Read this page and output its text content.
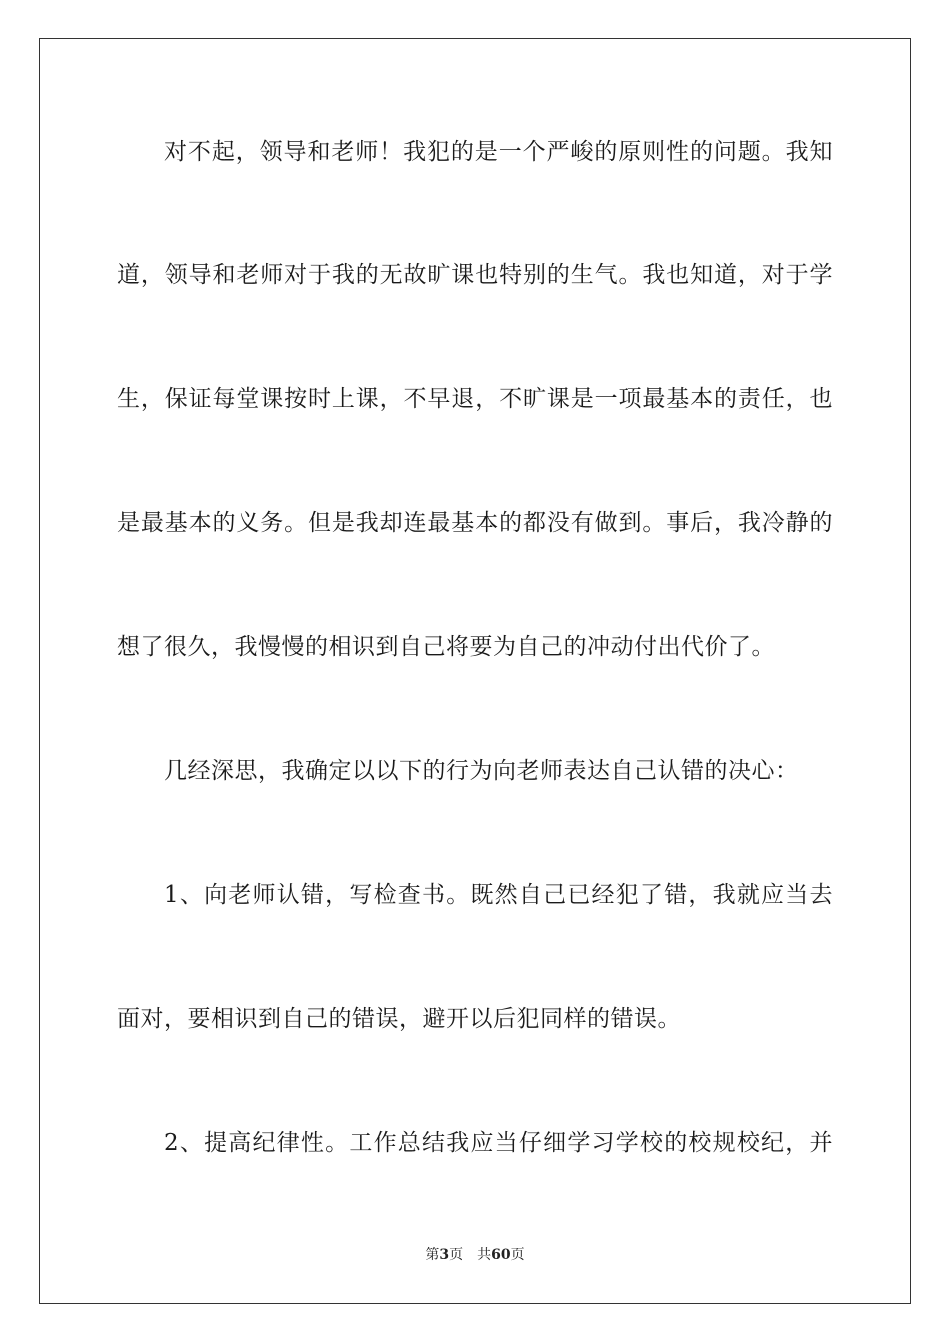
对不起，领导和老师！我犯的是一个严峻的原则性的问题。我知
道，领导和老师对于我的无故旷课也特别的生气。我也知道，对于学
生，保证每堂课按时上课，不早退，不旷课是一项最基本的责任，也
是最基本的义务。但是我却连最基本的都没有做到。事后，我冷静的
想了很久，我慢慢的相识到自己将要为自己的冲动付出代价了。
几经深思，我确定以以下的行为向老师表达自己认错的决心：
1、向老师认错，写检查书。既然自己已经犯了错，我就应当去
面对，要相识到自己的错误，避开以后犯同样的错误。
2、提高纪律性。工作总结我应当仔细学习学校的校规校纪，并
第3页 共60页
